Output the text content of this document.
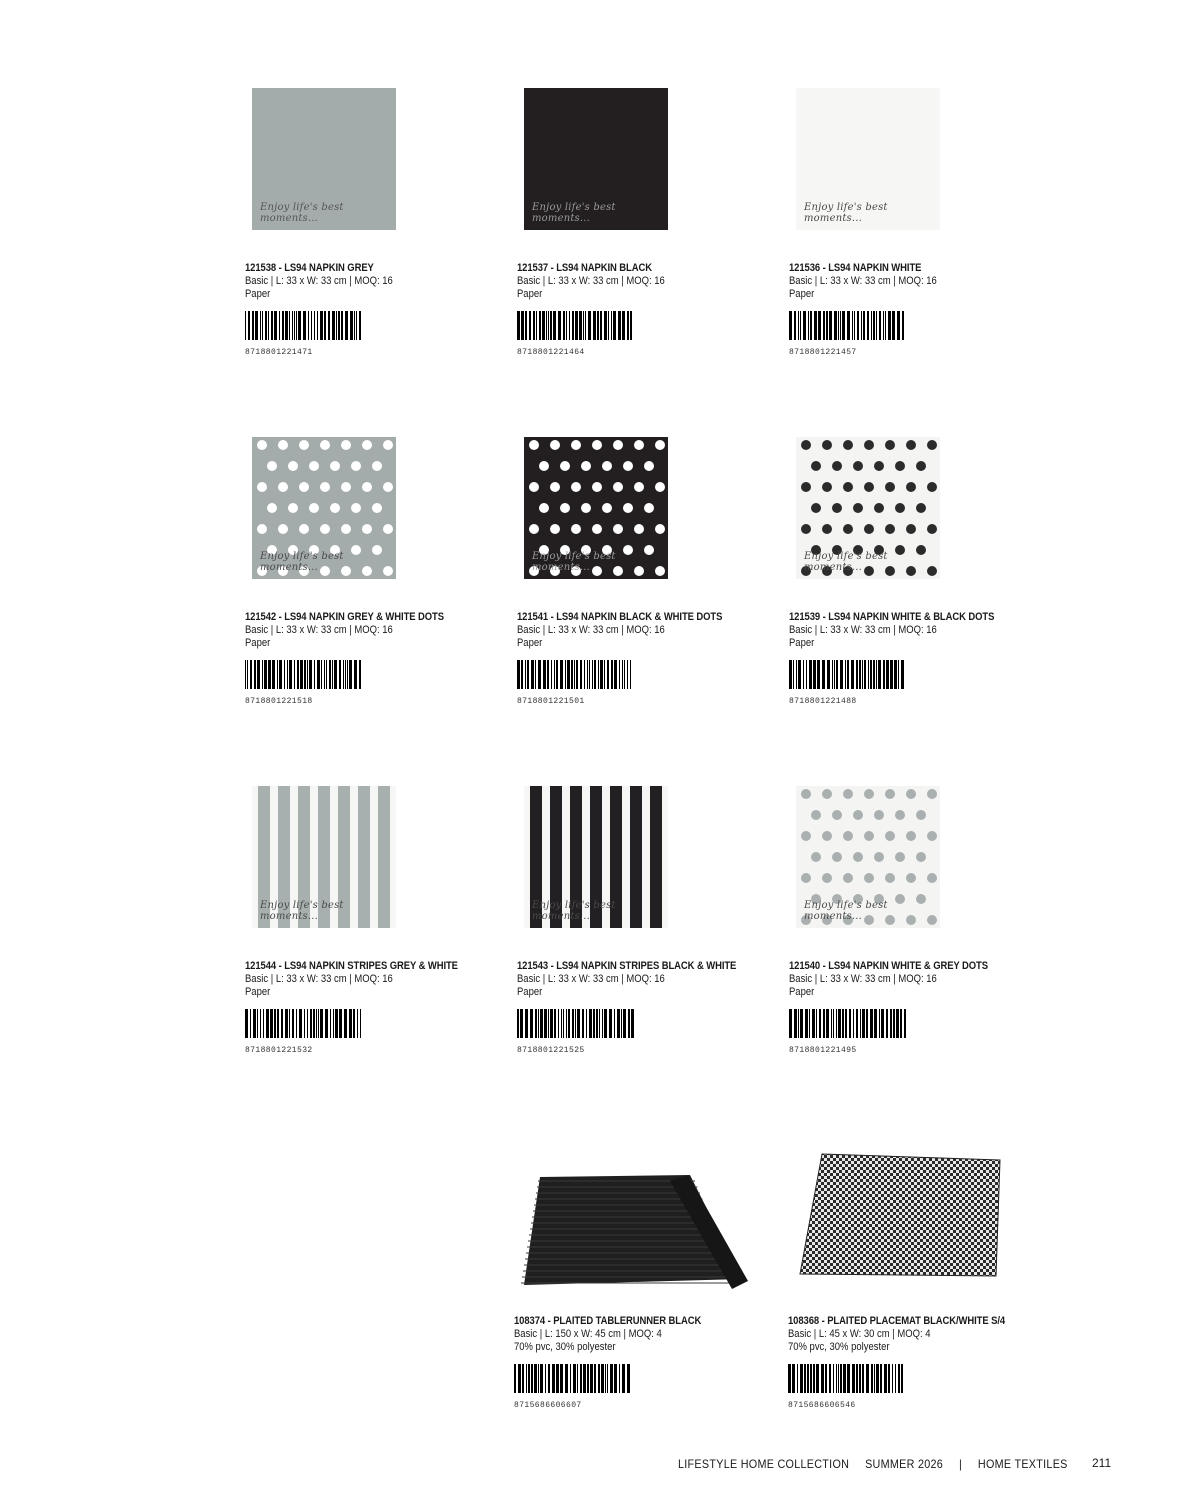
Enjoy life's best moments...
121538 - LS94 NAPKIN GREY
Basic | L: 33 x W: 33 cm | MOQ: 16
Paper
8718801221471
Enjoy life's best moments...
121537 - LS94 NAPKIN BLACK
Basic | L: 33 x W: 33 cm | MOQ: 16
Paper
8718801221464
Enjoy life's best moments...
121536 - LS94 NAPKIN WHITE
Basic | L: 33 x W: 33 cm | MOQ: 16
Paper
8718801221457
Enjoy life's best moments...
121542 - LS94 NAPKIN GREY & WHITE DOTS
Basic | L: 33 x W: 33 cm | MOQ: 16
Paper
8718801221518
Enjoy life's best moments...
121541 - LS94 NAPKIN BLACK & WHITE DOTS
Basic | L: 33 x W: 33 cm | MOQ: 16
Paper
8718801221501
Enjoy life's best moments...
121539 - LS94 NAPKIN WHITE & BLACK DOTS
Basic | L: 33 x W: 33 cm | MOQ: 16
Paper
8718801221488
Enjoy life's best moments...
121544 - LS94 NAPKIN STRIPES GREY & WHITE
Basic | L: 33 x W: 33 cm | MOQ: 16
Paper
8718801221532
Enjoy life's best moments...
121543 - LS94 NAPKIN STRIPES BLACK & WHITE
Basic | L: 33 x W: 33 cm | MOQ: 16
Paper
8718801221525
Enjoy life's best moments...
121540 - LS94 NAPKIN WHITE & GREY DOTS
Basic | L: 33 x W: 33 cm | MOQ: 16
Paper
8718801221495
108374 - PLAITED TABLERUNNER BLACK
Basic | L: 150 x W: 45 cm | MOQ: 4
70% pvc, 30% polyester
8715686606607
108368 - PLAITED PLACEMAT BLACK/WHITE S/4
Basic | L: 45 x W: 30 cm | MOQ: 4
70% pvc, 30% polyester
8715686606546
LIFESTYLE HOME COLLECTION SUMMER 2026 | HOME TEXTILES	211
